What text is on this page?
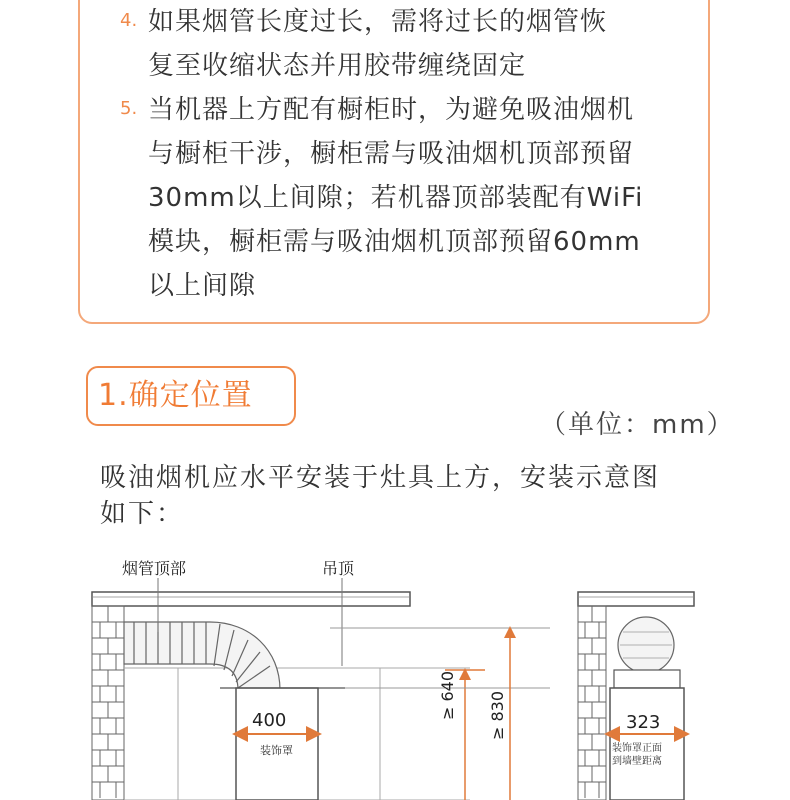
4. 如果烟管长度过长，需将过长的烟管恢
复至收缩状态并用胶带缠绕固定
5. 当机器上方配有橱柜时，为避免吸油烟机
与橱柜干涉，橱柜需与吸油烟机顶部预留
30mm以上间隙；若机器顶部装配有WiFi
模块，橱柜需与吸油烟机顶部预留60mm
以上间隙
1.确定位置
（单位：mm）
吸油烟机应水平安装于灶具上方，安装示意图
如下：
烟管顶部	吊顶
400
装饰罩
≥ 640 ≥ 830	323
装饰罩正面
到墙壁距离
